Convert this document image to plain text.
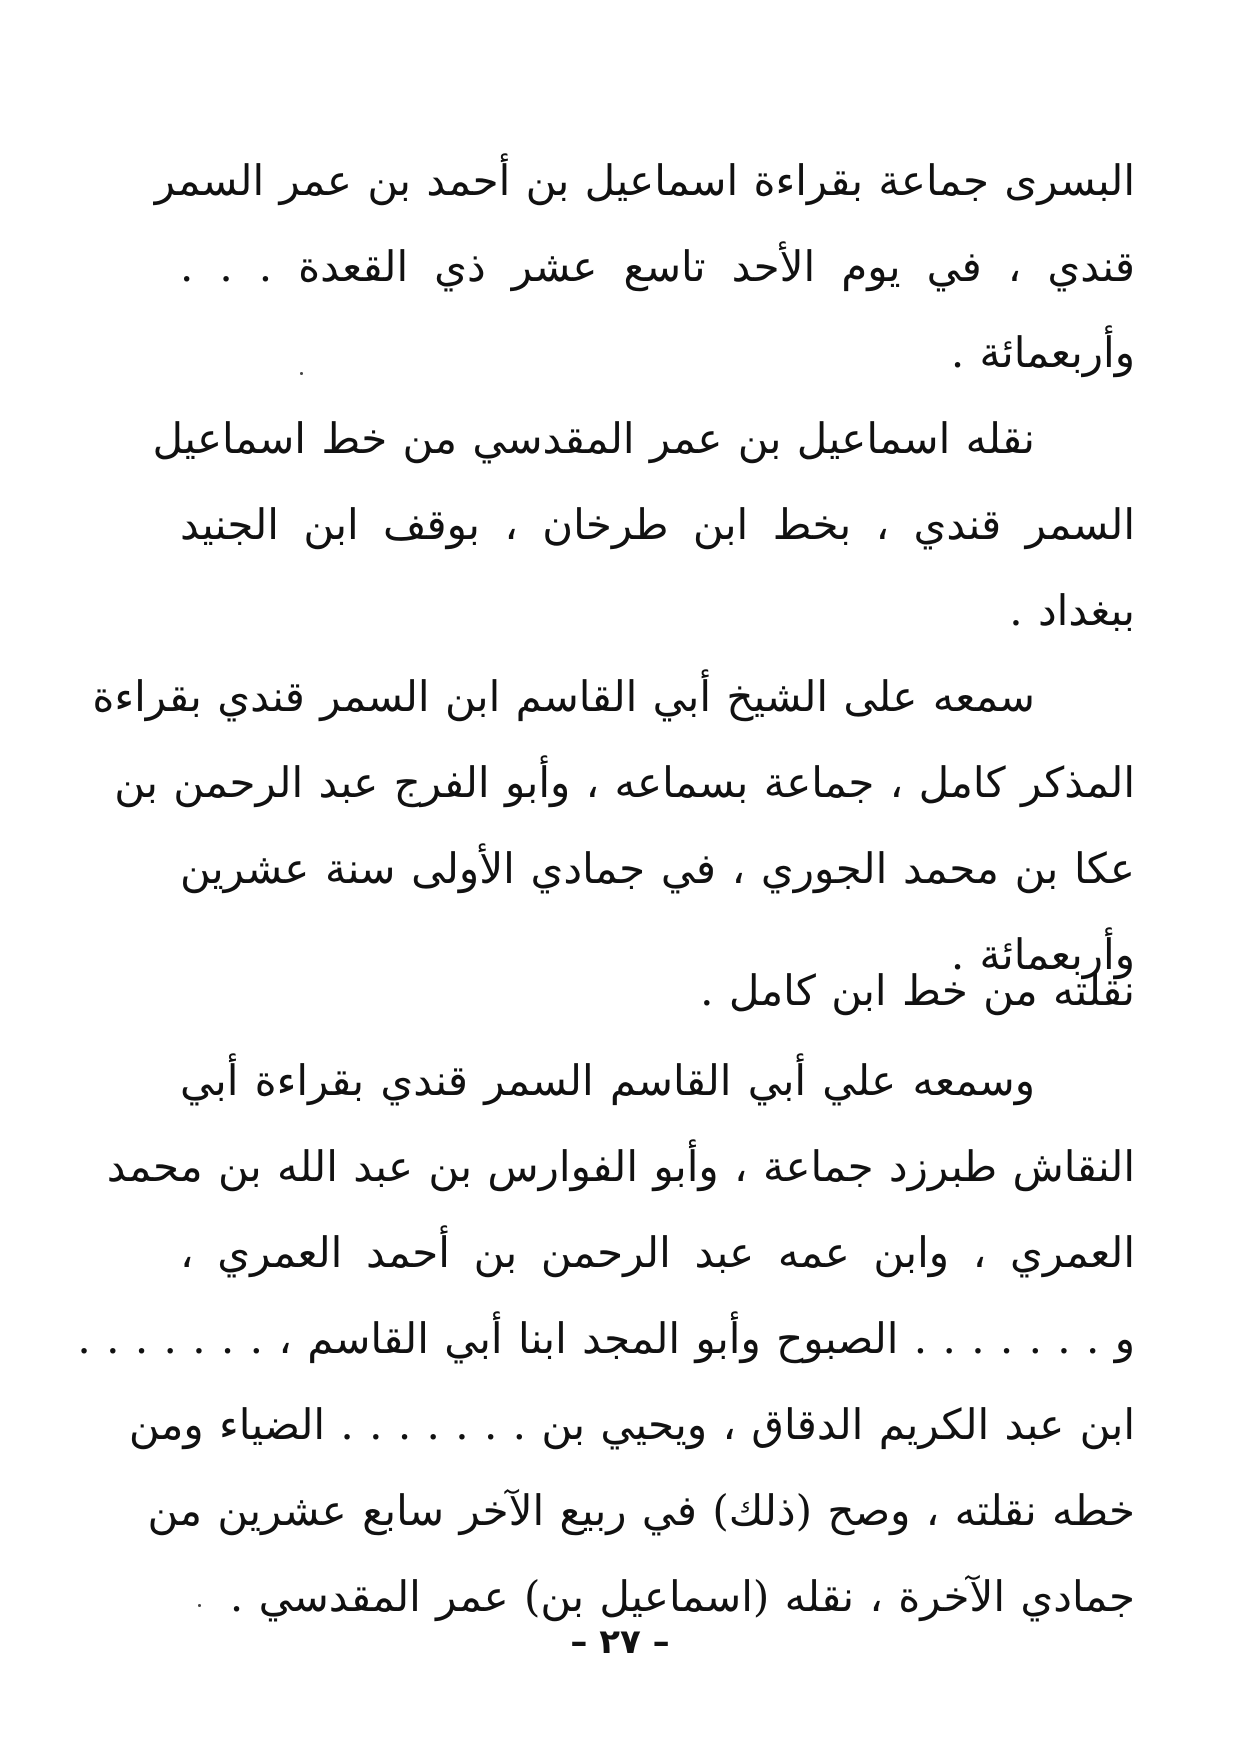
البسرى جماعة بقراءة اسماعيل بن أحمد بن عمر السمر
قندي ، في يوم الأحد تاسع عشر ذي القعدة . . .
وأربعمائة .
نقله اسماعيل بن عمر المقدسي من خط اسماعيل
السمر قندي ، بخط ابن طرخان ، بوقف ابن الجنيد
ببغداد .
سمعه على الشيخ أبي القاسم ابن السمر قندي بقراءة
المذكر كامل ، جماعة بسماعه ، وأبو الفرج عبد الرحمن بن
عكا بن محمد الجوري ، في جمادي الأولى سنة عشرين
وأربعمائة .
نقلته من خط ابن كامل .
وسمعه علي أبي القاسم السمر قندي بقراءة أبي
النقاش طبرزد جماعة ، وأبو الفوارس بن عبد الله بن محمد
العمري ، وابن عمه عبد الرحمن بن أحمد العمري ،
و . . . . . . . الصبوح وأبو المجد ابنا أبي القاسم ، . . . . . . .
ابن عبد الكريم الدقاق ، ويحيي بن . . . . . . . الضياء ومن
خطه نقلته ، وصح (ذلك) في ربيع الآخر سابع عشرين من
جمادي الآخرة ، نقله (اسماعيل بن) عمر المقدسي .
– ٢٧ –
